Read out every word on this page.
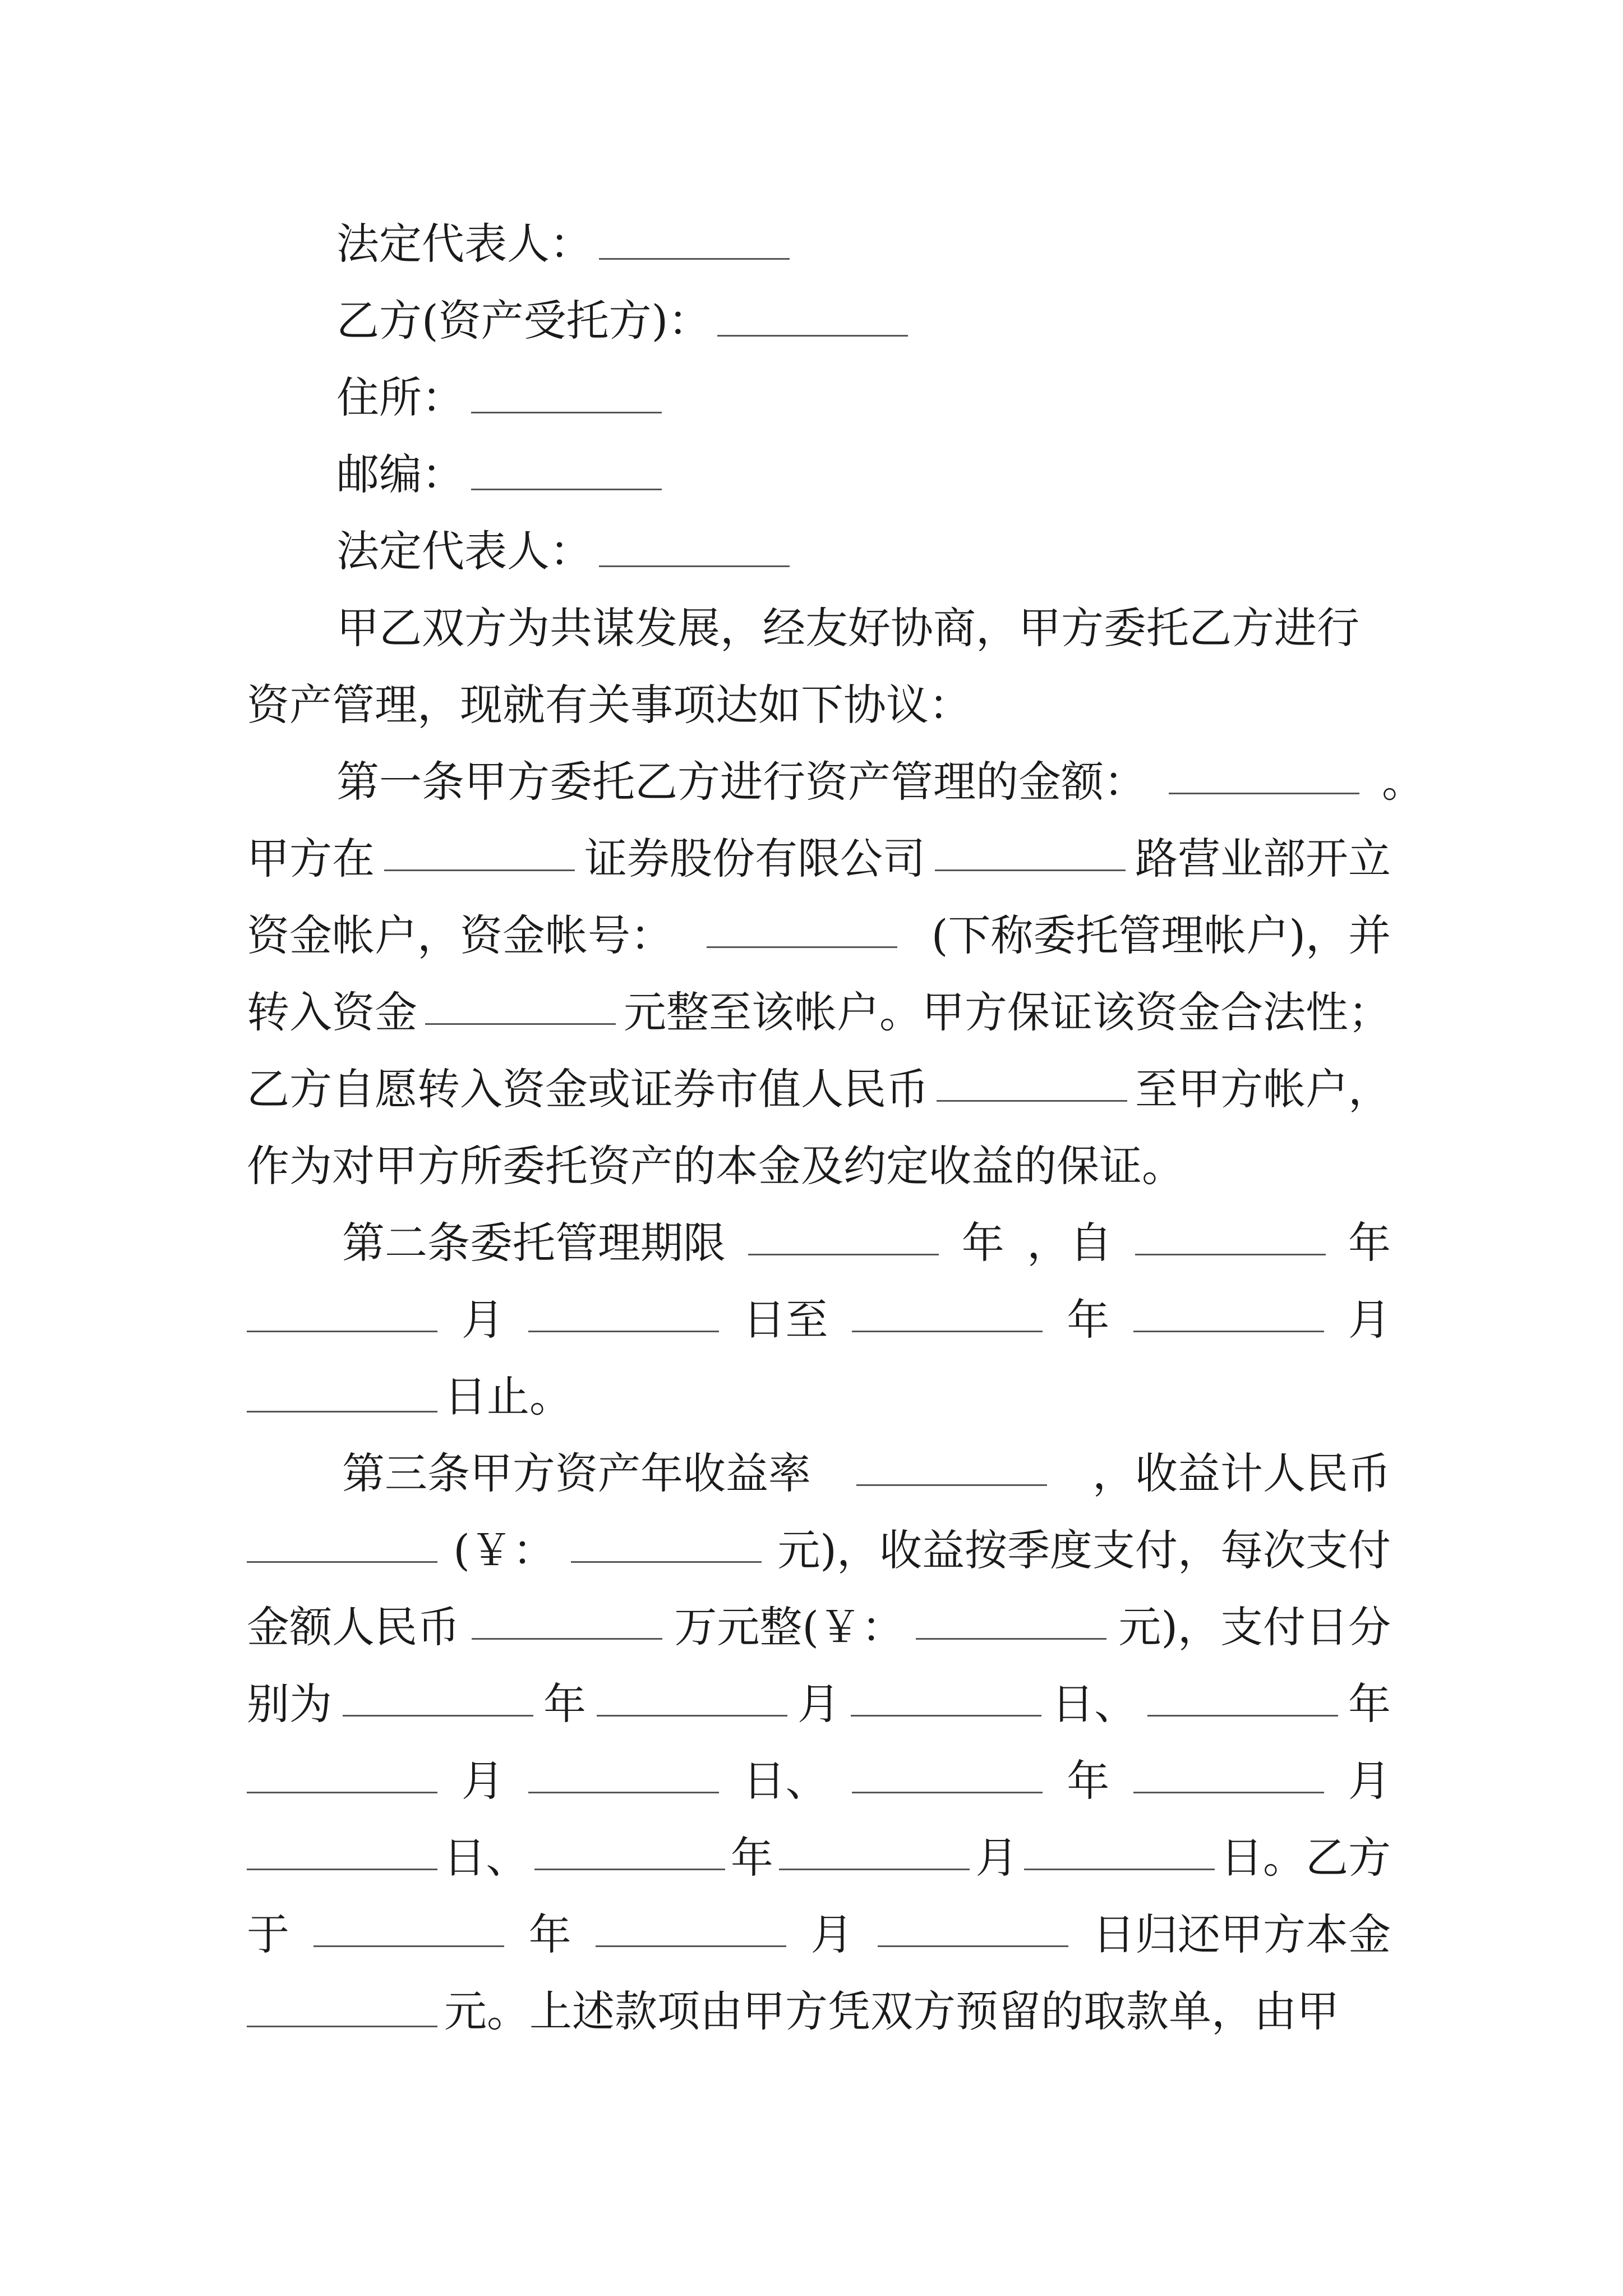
法定代表人：
乙方(资产受托方)：
住所：
邮编：
法定代表人：
甲乙双方为共谋发展，经友好协商，甲方委托乙方进行
资产管理，现就有关事项达如下协议：
第一条甲方委托乙方进行资产管理的金额：	。
甲方在	证券股份有限公司	路营业部开立
资金帐户，资金帐号：	(下称委托管理帐户)，并
转入资金	元整至该帐户。甲方保证该资金合法性；
乙方自愿转入资金或证券市值人民币	至甲方帐户，
作为对甲方所委托资产的本金及约定收益的保证。
第二条委托管理期限	年 ，自	年
月	日至	年	月
日止。
第三条甲方资产年收益率	，收益计人民币
(￥：	元)，收益按季度支付，每次支付
金额人民币	万元整(￥：	元)，支付日分
别为	年	月	日、	年
月	日、	年	月
日、	年	月	日。乙方
于	年	月	日归还甲方本金
元。上述款项由甲方凭双方预留的取款单，由甲
